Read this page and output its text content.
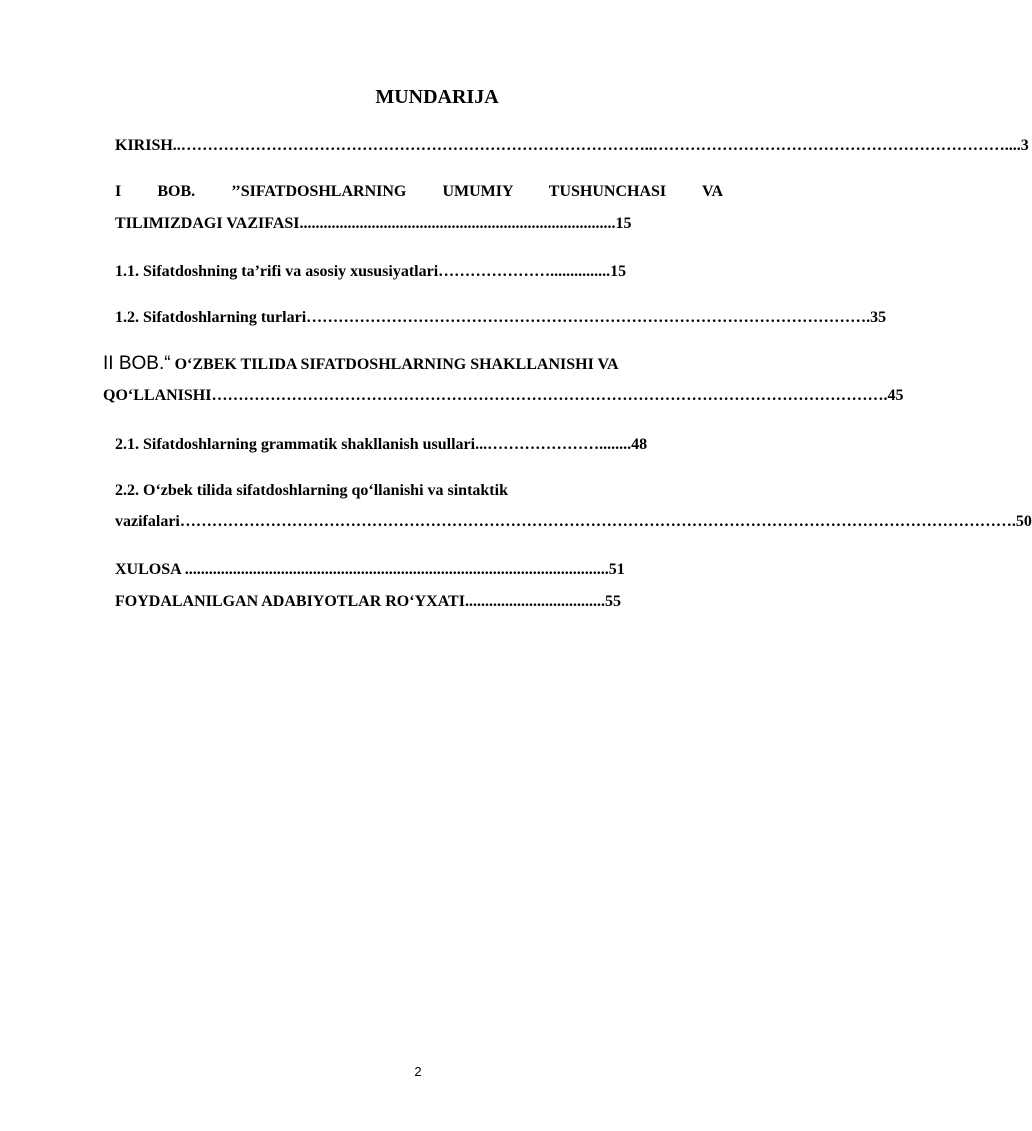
MUNDARIJA
KIRISH..……………………………………………………………………………..…………………………………………………………....3
I BOB. ’’SIFATDOSHLARNING UMUMIY TUSHUNCHASI VA
TILIMIZDAGI VAZIFASI...............................................................................15
1.1. Sifatdoshning ta’rifi va asosiy xususiyatlari…………………...............15
1.2. Sifatdoshlarning turlari…………………………………………………………………………………………….35
II BOB.“ O‘ZBEK TILIDA SIFATDOSHLARNING SHAKLLANISHI VA
QO‘LLANISHI……………………………………………………………………………………………………………….45
2.1. Sifatdoshlarning grammatik shakllanish usullari...…………………........48
2.2. O‘zbek tilida sifatdoshlarning qo‘llanishi va sintaktik
vazifalari………………………………………………………………………………………………………………………………………….50
XULOSA ..........................................................................................................51
FOYDALANILGAN ADABIYOTLAR RO‘YXATI...................................55
2
